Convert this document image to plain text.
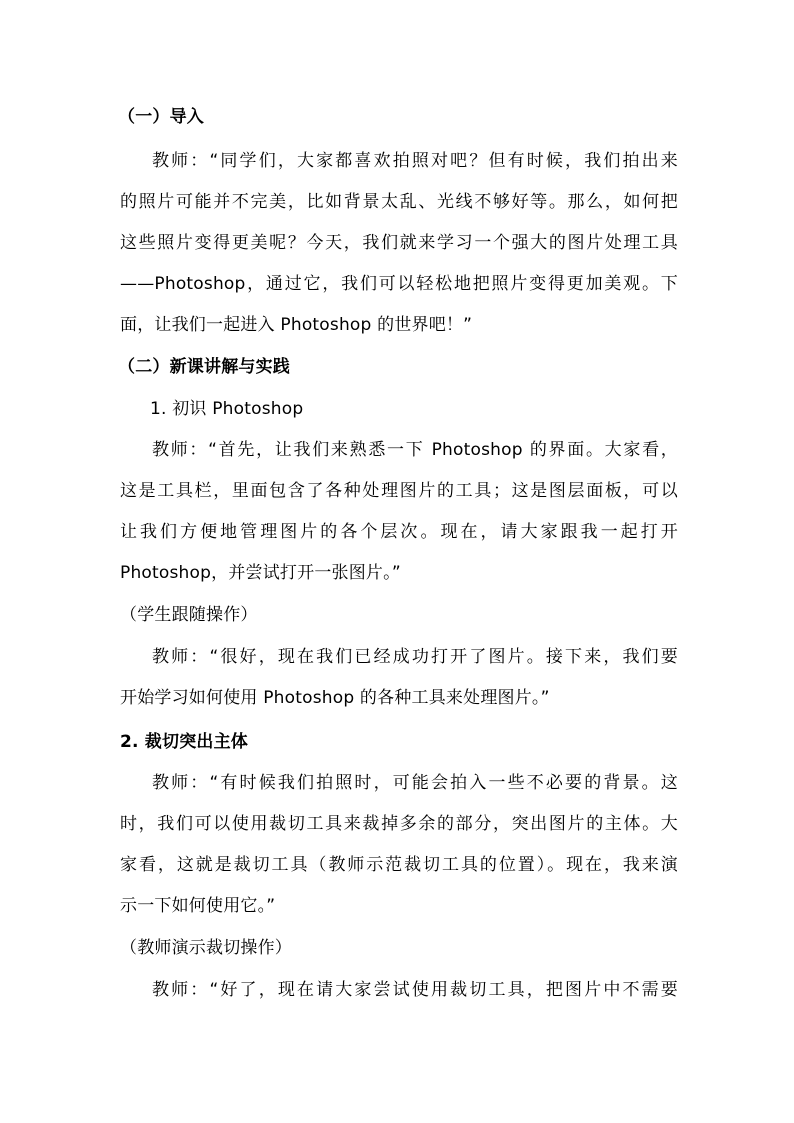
（一）导入
教师：“同学们，大家都喜欢拍照对吧？但有时候，我们拍出来
的照片可能并不完美，比如背景太乱、光线不够好等。那么，如何把
这些照片变得更美呢？今天，我们就来学习一个强大的图片处理工具
——Photoshop，通过它，我们可以轻松地把照片变得更加美观。下
面，让我们一起进入 Photoshop 的世界吧！”
（二）新课讲解与实践
1. 初识 Photoshop
教师：“首先，让我们来熟悉一下 Photoshop 的界面。大家看，
这是工具栏，里面包含了各种处理图片的工具；这是图层面板，可以
让我们方便地管理图片的各个层次。现在，请大家跟我一起打开
Photoshop，并尝试打开一张图片。”
（学生跟随操作）
教师：“很好，现在我们已经成功打开了图片。接下来，我们要
开始学习如何使用 Photoshop 的各种工具来处理图片。”
2. 裁切突出主体
教师：“有时候我们拍照时，可能会拍入一些不必要的背景。这
时，我们可以使用裁切工具来裁掉多余的部分，突出图片的主体。大
家看，这就是裁切工具（教师示范裁切工具的位置）。现在，我来演
示一下如何使用它。”
（教师演示裁切操作）
教师：“好了，现在请大家尝试使用裁切工具，把图片中不需要
